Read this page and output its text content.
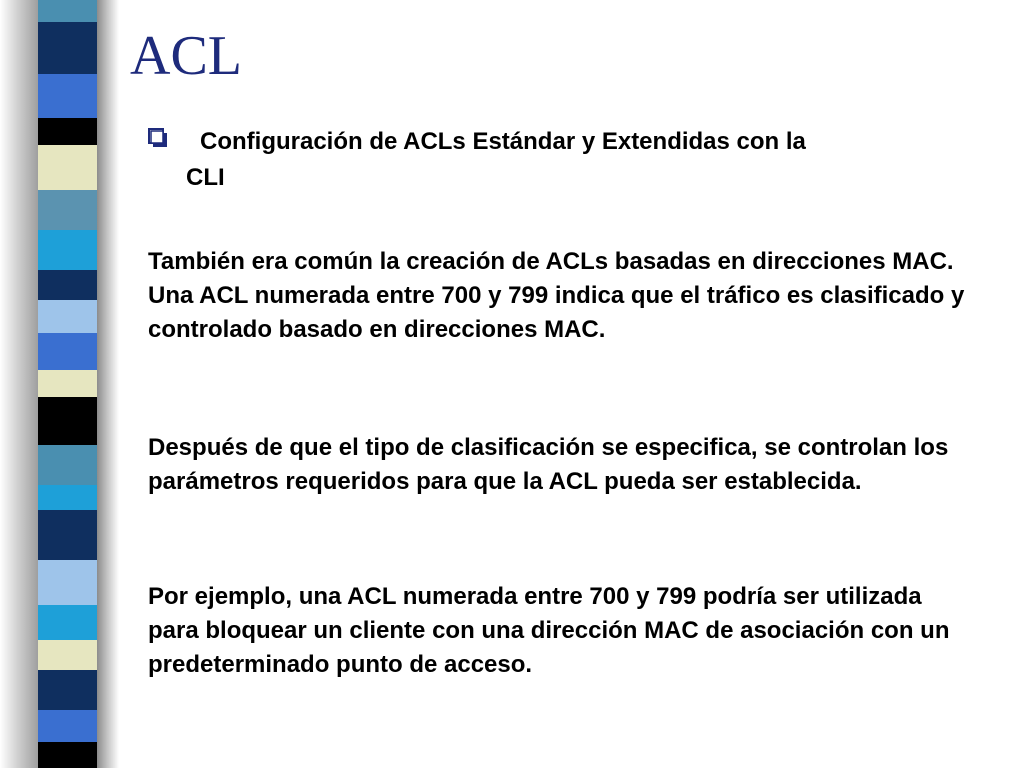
ACL

Configuración de ACLs Estándar y Extendidas con la
CLI

También era común la creación de ACLs basadas en direcciones MAC. Una ACL numerada entre 700 y 799 indica que el tráfico es clasificado y controlado basado en direcciones MAC.

Después de que el tipo de clasificación se especifica, se controlan los parámetros requeridos para que la ACL pueda ser establecida.

Por ejemplo, una ACL numerada entre 700 y 799 podría ser utilizada para bloquear un cliente con una dirección MAC de asociación con un predeterminado punto de acceso.
